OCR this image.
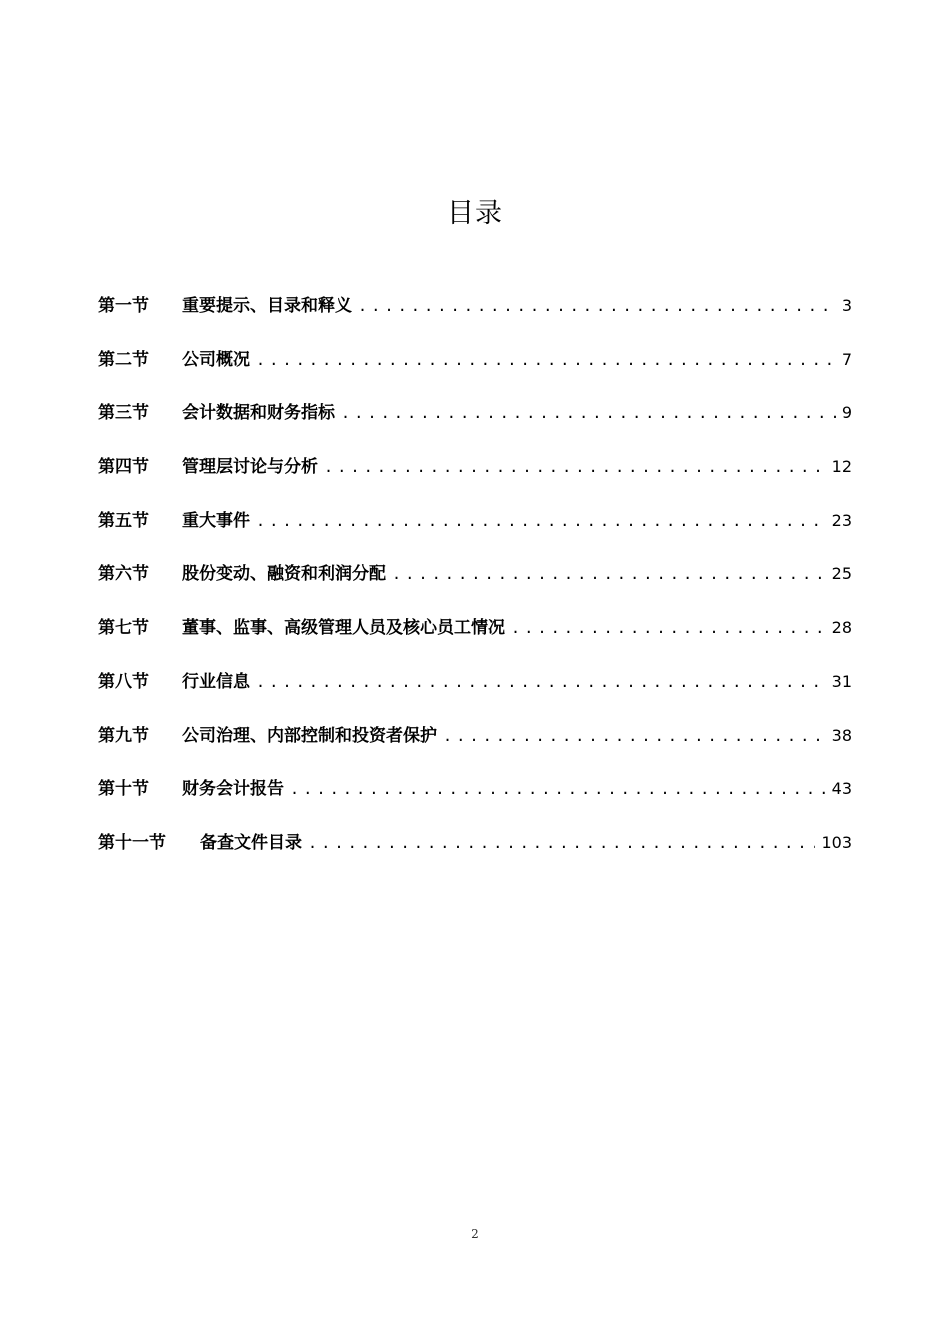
目录
第一节	重要提示、目录和释义 .....	3
第二节	公司概况 .....	7
第三节	会计数据和财务指标 .....	9
第四节	管理层讨论与分析 .....	12
第五节	重大事件 .....	23
第六节	股份变动、融资和利润分配 .....	25
第七节	董事、监事、高级管理人员及核心员工情况 .....	28
第八节	行业信息 .....	31
第九节	公司治理、内部控制和投资者保护 .....	38
第十节	财务会计报告 .....	43
第十一节	备查文件目录 .....	103
2
